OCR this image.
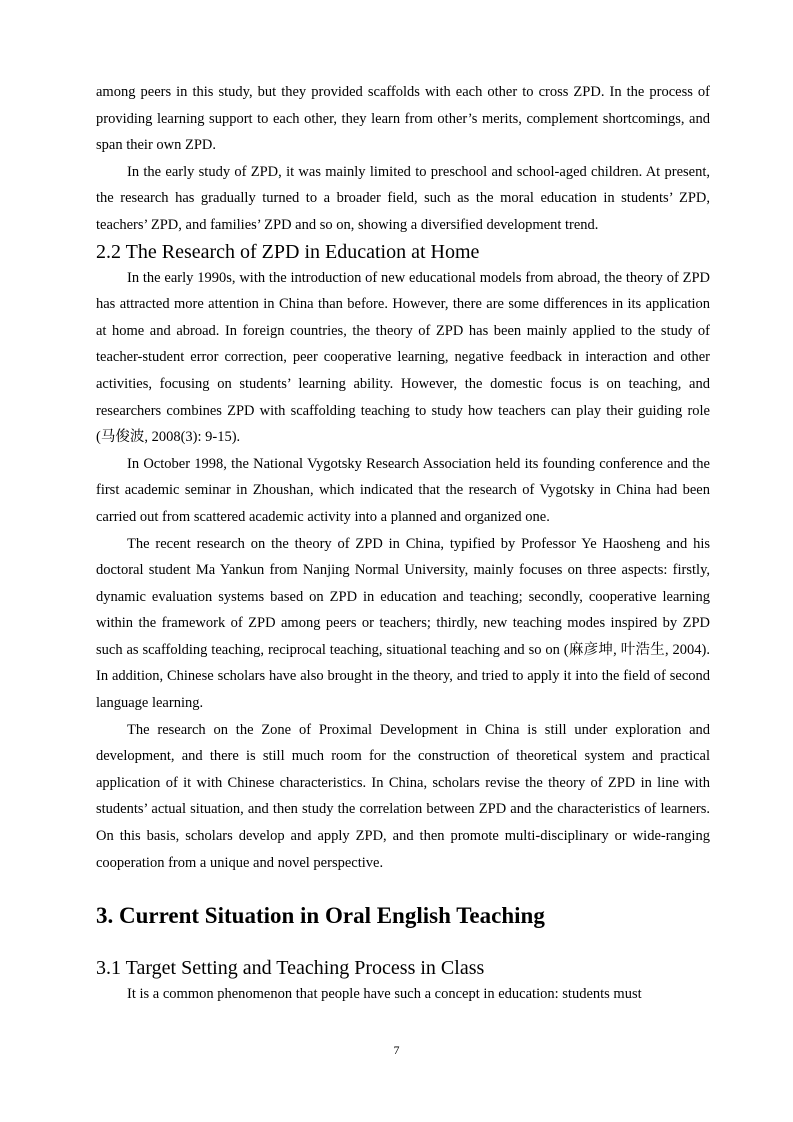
among peers in this study, but they provided scaffolds with each other to cross ZPD. In the process of providing learning support to each other, they learn from other’s merits, complement shortcomings, and span their own ZPD.

In the early study of ZPD, it was mainly limited to preschool and school-aged children. At present, the research has gradually turned to a broader field, such as the moral education in students’ ZPD, teachers’ ZPD, and families’ ZPD and so on, showing a diversified development trend.

2.2 The Research of ZPD in Education at Home

In the early 1990s, with the introduction of new educational models from abroad, the theory of ZPD has attracted more attention in China than before. However, there are some differences in its application at home and abroad. In foreign countries, the theory of ZPD has been mainly applied to the study of teacher-student error correction, peer cooperative learning, negative feedback in interaction and other activities, focusing on students’ learning ability. However, the domestic focus is on teaching, and researchers combines ZPD with scaffolding teaching to study how teachers can play their guiding role (马俊波, 2008(3): 9-15).

In October 1998, the National Vygotsky Research Association held its founding conference and the first academic seminar in Zhoushan, which indicated that the research of Vygotsky in China had been carried out from scattered academic activity into a planned and organized one.

The recent research on the theory of ZPD in China, typified by Professor Ye Haosheng and his doctoral student Ma Yankun from Nanjing Normal University, mainly focuses on three aspects: firstly, dynamic evaluation systems based on ZPD in education and teaching; secondly, cooperative learning within the framework of ZPD among peers or teachers; thirdly, new teaching modes inspired by ZPD such as scaffolding teaching, reciprocal teaching, situational teaching and so on (麻彦坤, 叶浩生, 2004). In addition, Chinese scholars have also brought in the theory, and tried to apply it into the field of second language learning.

The research on the Zone of Proximal Development in China is still under exploration and development, and there is still much room for the construction of theoretical system and practical application of it with Chinese characteristics. In China, scholars revise the theory of ZPD in line with students’ actual situation, and then study the correlation between ZPD and the characteristics of learners. On this basis, scholars develop and apply ZPD, and then promote multi-disciplinary or wide-ranging cooperation from a unique and novel perspective.

3. Current Situation in Oral English Teaching
3.1 Target Setting and Teaching Process in Class

It is a common phenomenon that people have such a concept in education: students must

7
